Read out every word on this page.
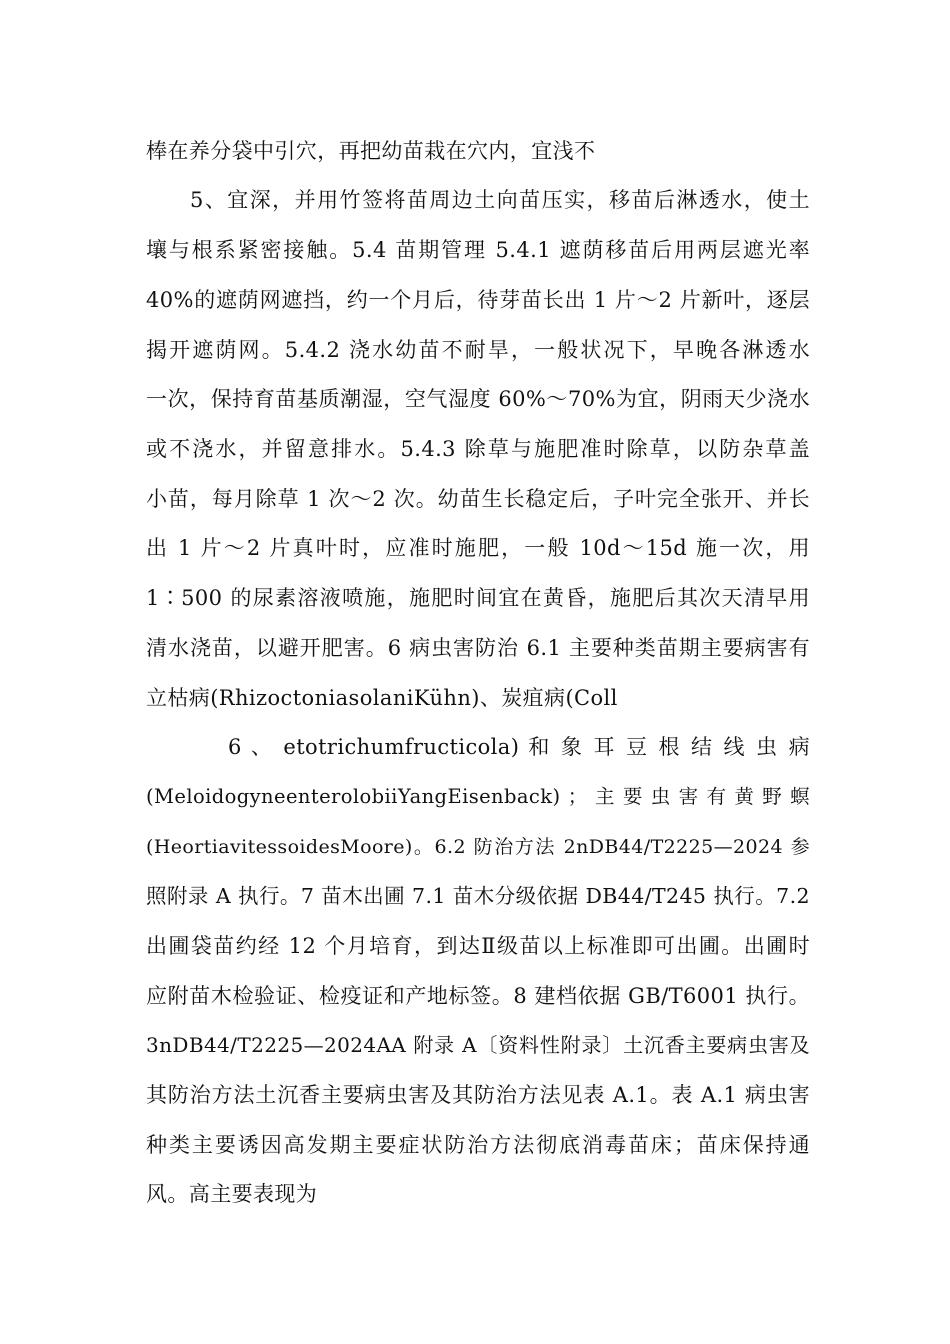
棒在养分袋中引穴，再把幼苗栽在穴内，宜浅不
5、宜深，并用竹签将苗周边土向苗压实，移苗后淋透水，使土
壤与根系紧密接触。5.4 苗期管理 5.4.1 遮荫移苗后用两层遮光率
40%的遮荫网遮挡，约一个月后，待芽苗长出 1 片～2 片新叶，逐层
揭开遮荫网。5.4.2 浇水幼苗不耐旱，一般状况下，早晚各淋透水
一次，保持育苗基质潮湿，空气湿度 60%～70%为宜，阴雨天少浇水
或不浇水，并留意排水。5.4.3 除草与施肥准时除草，以防杂草盖
小苗，每月除草 1 次～2 次。幼苗生长稳定后，子叶完全张开、并长
出 1 片～2 片真叶时，应准时施肥，一般 10d～15d 施一次，用
1∶500 的尿素溶液喷施，施肥时间宜在黄昏，施肥后其次天清早用
清水浇苗，以避开肥害。6 病虫害防治 6.1 主要种类苗期主要病害有
立枯病(RhizoctoniasolaniKühn)、炭疽病(Coll
6 、 etotrichumfructicola) 和 象 耳 豆 根 结 线 虫 病
(MeloidogyneenterolobiiYangEisenback) ； 主 要 虫 害 有 黄 野 螟
(HeortiavitessoidesMoore)。6.2 防治方法 2nDB44/T2225—2024 参
照附录 A 执行。7 苗木出圃 7.1 苗木分级依据 DB44/T245 执行。7.2
出圃袋苗约经 12 个月培育，到达Ⅱ级苗以上标准即可出圃。出圃时
应附苗木检验证、检疫证和产地标签。8 建档依据 GB/T6001 执行。
3nDB44/T2225—2024AA 附录 A〔资料性附录〕土沉香主要病虫害及
其防治方法土沉香主要病虫害及其防治方法见表 A.1。表 A.1 病虫害
种类主要诱因高发期主要症状防治方法彻底消毒苗床；苗床保持通
风。高主要表现为
